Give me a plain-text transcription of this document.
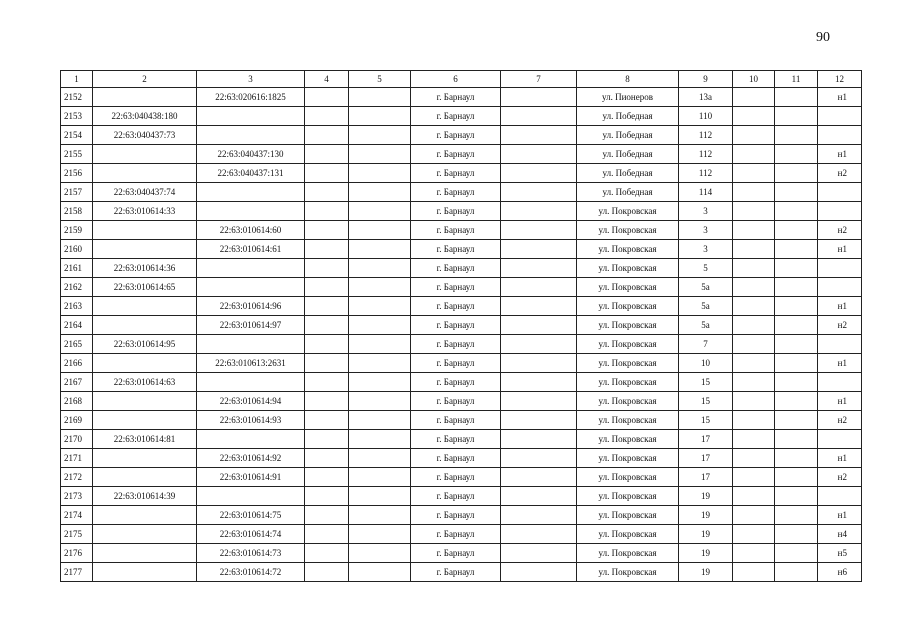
90
1	2	3	4	5	6	7	8	9	10	11	12
2152		22:63:020616:1825			г. Барнаул		ул. Пионеров	13а			н1
2153	22:63:040438:180				г. Барнаул		ул. Победная	110			
2154	22:63:040437:73				г. Барнаул		ул. Победная	112			
2155		22:63:040437:130			г. Барнаул		ул. Победная	112			н1
2156		22:63:040437:131			г. Барнаул		ул. Победная	112			н2
2157	22:63:040437:74				г. Барнаул		ул. Победная	114			
2158	22:63:010614:33				г. Барнаул		ул. Покровская	3			
2159		22:63:010614:60			г. Барнаул		ул. Покровская	3			н2
2160		22:63:010614:61			г. Барнаул		ул. Покровская	3			н1
2161	22:63:010614:36				г. Барнаул		ул. Покровская	5			
2162	22:63:010614:65				г. Барнаул		ул. Покровская	5а			
2163		22:63:010614:96			г. Барнаул		ул. Покровская	5а			н1
2164		22:63:010614:97			г. Барнаул		ул. Покровская	5а			н2
2165	22:63:010614:95				г. Барнаул		ул. Покровская	7			
2166		22:63:010613:2631			г. Барнаул		ул. Покровская	10			н1
2167	22:63:010614:63				г. Барнаул		ул. Покровская	15			
2168		22:63:010614:94			г. Барнаул		ул. Покровская	15			н1
2169		22:63:010614:93			г. Барнаул		ул. Покровская	15			н2
2170	22:63:010614:81				г. Барнаул		ул. Покровская	17			
2171		22:63:010614:92			г. Барнаул		ул. Покровская	17			н1
2172		22:63:010614:91			г. Барнаул		ул. Покровская	17			н2
2173	22:63:010614:39				г. Барнаул		ул. Покровская	19			
2174		22:63:010614:75			г. Барнаул		ул. Покровская	19			н1
2175		22:63:010614:74			г. Барнаул		ул. Покровская	19			н4
2176		22:63:010614:73			г. Барнаул		ул. Покровская	19			н5
2177		22:63:010614:72			г. Барнаул		ул. Покровская	19			н6
